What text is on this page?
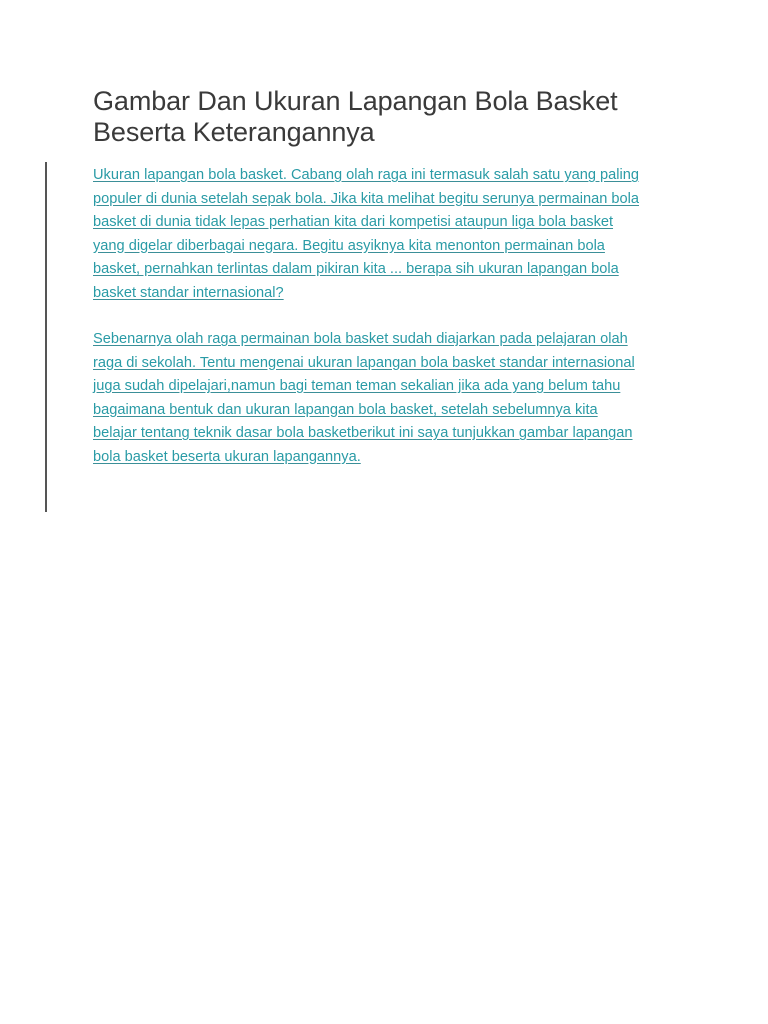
Gambar Dan Ukuran Lapangan Bola Basket
Beserta Keterangannya

Ukuran lapangan bola basket. Cabang olah raga ini termasuk salah satu yang paling
populer di dunia setelah sepak bola. Jika kita melihat begitu serunya permainan bola
basket di dunia tidak lepas perhatian kita dari kompetisi ataupun liga bola basket
yang digelar diberbagai negara. Begitu asyiknya kita menonton permainan bola
basket, pernahkan terlintas dalam pikiran kita ... berapa sih ukuran lapangan bola
basket standar internasional?

Sebenarnya olah raga permainan bola basket sudah diajarkan pada pelajaran olah
raga di sekolah. Tentu mengenai ukuran lapangan bola basket standar internasional
juga sudah dipelajari,namun bagi teman teman sekalian jika ada yang belum tahu
bagaimana bentuk dan ukuran lapangan bola basket, setelah sebelumnya kita
belajar tentang teknik dasar bola basketberikut ini saya tunjukkan gambar lapangan
bola basket beserta ukuran lapangannya.
